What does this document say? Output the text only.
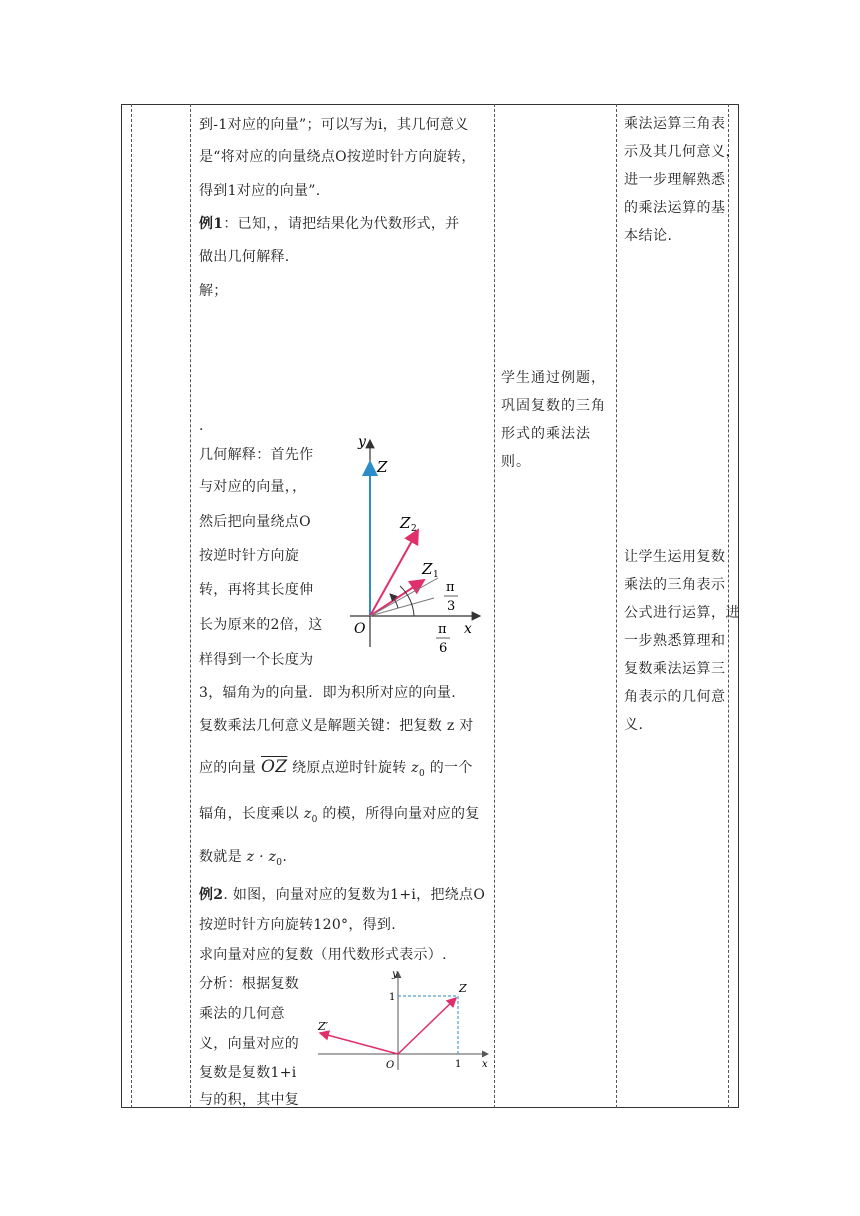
到-1对应的向量”；可以写为i，其几何意义
是“将对应的向量绕点O按逆时针方向旋转，
得到1对应的向量”.
例1：已知，，请把结果化为代数形式，并
做出几何解释.
解；
.
几何解释：首先作
与对应的向量，，
然后把向量绕点O
按逆时针方向旋
转，再将其长度伸
长为原来的2倍，这
样得到一个长度为
3，辐角为的向量．即为积所对应的向量.
复数乘法几何意义是解题关键：把复数 z 对
应的向量 $\overline{OZ}$ 绕原点逆时针旋转 $z_0$ 的一个
辐角，长度乘以 $z_0$ 的模，所得向量对应的复
数就是 $z \cdot z_0$.
例2. 如图，向量对应的复数为1+i，把绕点O
按逆时针方向旋转120°，得到.
求向量对应的复数（用代数形式表示）.
分析：根据复数
乘法的几何意
义，向量对应的
复数是复数1+i
与的积，其中复
y
x
O
Z
Z 2
Z 1
π
3
π
6
y
x
O
1
1
Z
Z′
学生通过例题，
巩固复数的三角
形式的乘法法
则。
乘法运算三角表
示及其几何意义，
进一步理解熟悉
的乘法运算的基
本结论.
让学生运用复数
乘法的三角表示
公式进行运算，进
一步熟悉算理和
复数乘法运算三
角表示的几何意
义.
